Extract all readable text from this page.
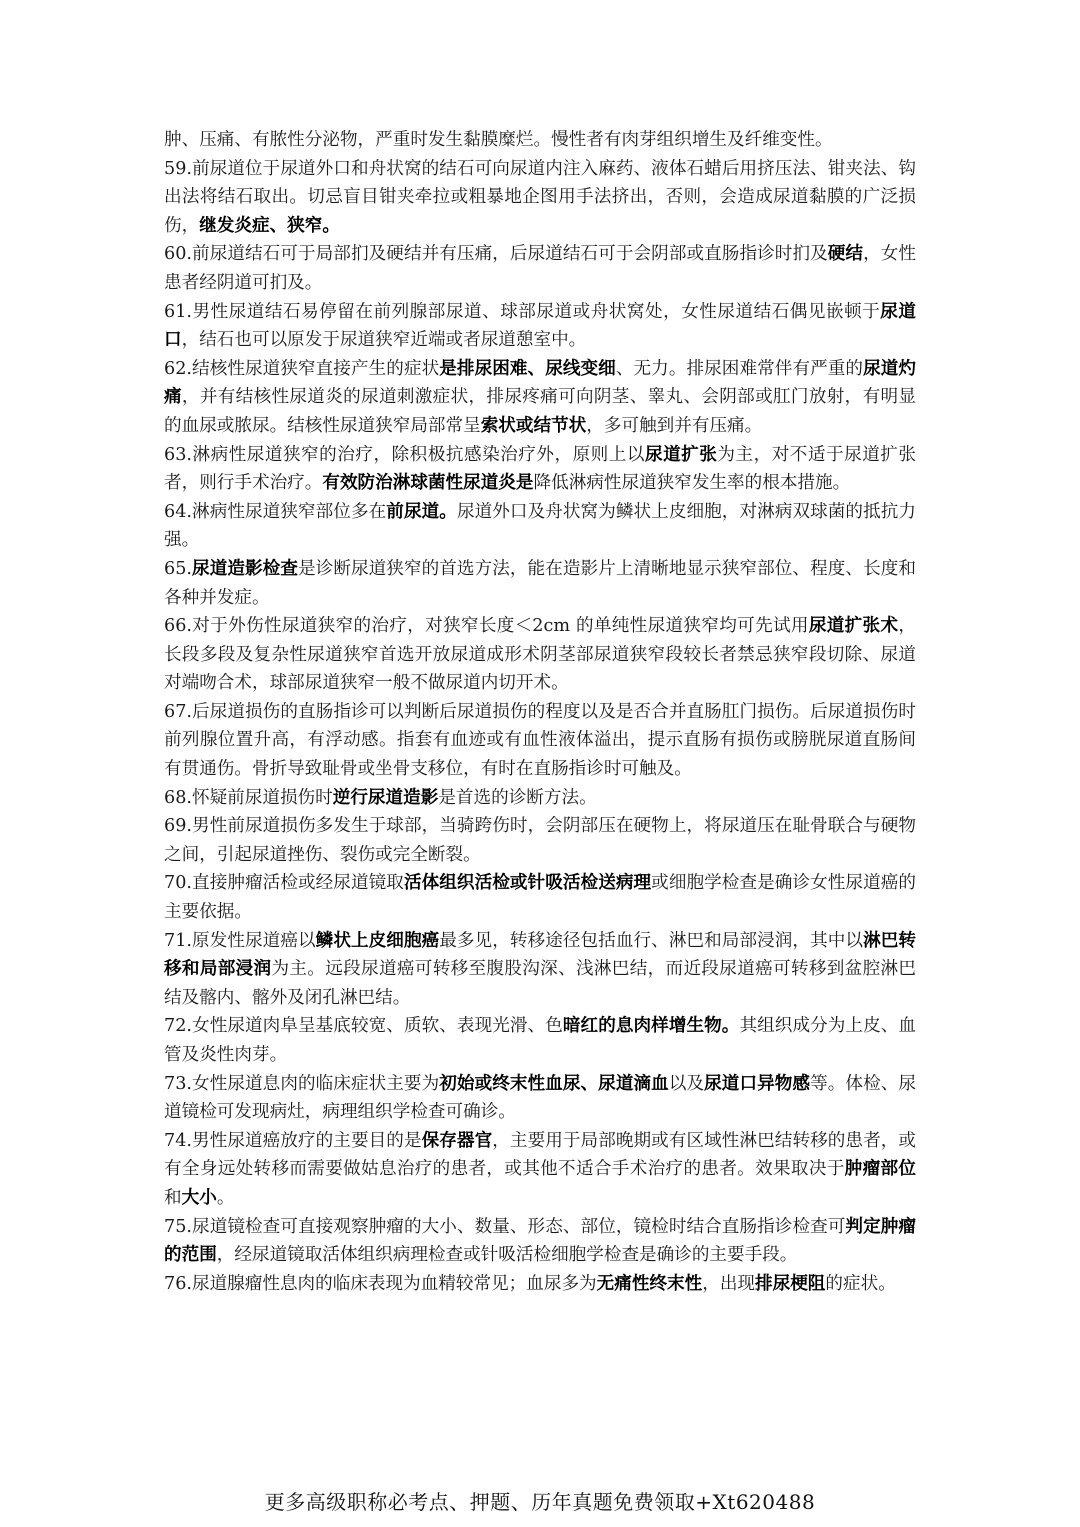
肿、压痛、有脓性分泌物，严重时发生黏膜糜烂。慢性者有肉芽组织增生及纤维变性。

59.前尿道位于尿道外口和舟状窝的结石可向尿道内注入麻药、液体石蜡后用挤压法、钳夹法、钩出法将结石取出。切忌盲目钳夹牵拉或粗暴地企图用手法挤出，否则，会造成尿道黏膜的广泛损伤，继发炎症、狭窄。

60.前尿道结石可于局部扪及硬结并有压痛，后尿道结石可于会阴部或直肠指诊时扪及硬结，女性患者经阴道可扪及。

61.男性尿道结石易停留在前列腺部尿道、球部尿道或舟状窝处，女性尿道结石偶见嵌顿于尿道口，结石也可以原发于尿道狭窄近端或者尿道憩室中。

62.结核性尿道狭窄直接产生的症状是排尿困难、尿线变细、无力。排尿困难常伴有严重的尿道灼痛，并有结核性尿道炎的尿道刺激症状，排尿疼痛可向阴茎、睾丸、会阴部或肛门放射，有明显的血尿或脓尿。结核性尿道狭窄局部常呈索状或结节状，多可触到并有压痛。

63.淋病性尿道狭窄的治疗，除积极抗感染治疗外，原则上以尿道扩张为主，对不适于尿道扩张者，则行手术治疗。有效防治淋球菌性尿道炎是降低淋病性尿道狭窄发生率的根本措施。

64.淋病性尿道狭窄部位多在前尿道。尿道外口及舟状窝为鳞状上皮细胞，对淋病双球菌的抵抗力强。

65.尿道造影检查是诊断尿道狭窄的首选方法，能在造影片上清晰地显示狭窄部位、程度、长度和各种并发症。

66.对于外伤性尿道狭窄的治疗，对狭窄长度＜2cm 的单纯性尿道狭窄均可先试用尿道扩张术，长段多段及复杂性尿道狭窄首选开放尿道成形术阴茎部尿道狭窄段较长者禁忌狭窄段切除、尿道对端吻合术，球部尿道狭窄一般不做尿道内切开术。

67.后尿道损伤的直肠指诊可以判断后尿道损伤的程度以及是否合并直肠肛门损伤。后尿道损伤时前列腺位置升高，有浮动感。指套有血迹或有血性液体溢出，提示直肠有损伤或膀胱尿道直肠间有贯通伤。骨折导致耻骨或坐骨支移位，有时在直肠指诊时可触及。

68.怀疑前尿道损伤时逆行尿道造影是首选的诊断方法。

69.男性前尿道损伤多发生于球部，当骑跨伤时，会阴部压在硬物上，将尿道压在耻骨联合与硬物之间，引起尿道挫伤、裂伤或完全断裂。

70.直接肿瘤活检或经尿道镜取活体组织活检或针吸活检送病理或细胞学检查是确诊女性尿道癌的主要依据。

71.原发性尿道癌以鳞状上皮细胞癌最多见，转移途径包括血行、淋巴和局部浸润，其中以淋巴转移和局部浸润为主。远段尿道癌可转移至腹股沟深、浅淋巴结，而近段尿道癌可转移到盆腔淋巴结及髂内、髂外及闭孔淋巴结。

72.女性尿道肉阜呈基底较宽、质软、表现光滑、色暗红的息肉样增生物。其组织成分为上皮、血管及炎性肉芽。

73.女性尿道息肉的临床症状主要为初始或终末性血尿、尿道滴血以及尿道口异物感等。体检、尿道镜检可发现病灶，病理组织学检查可确诊。

74.男性尿道癌放疗的主要目的是保存器官，主要用于局部晚期或有区域性淋巴结转移的患者，或有全身远处转移而需要做姑息治疗的患者，或其他不适合手术治疗的患者。效果取决于肿瘤部位和大小。

75.尿道镜检查可直接观察肿瘤的大小、数量、形态、部位，镜检时结合直肠指诊检查可判定肿瘤的范围，经尿道镜取活体组织病理检查或针吸活检细胞学检查是确诊的主要手段。

76.尿道腺瘤性息肉的临床表现为血精较常见；血尿多为无痛性终末性，出现排尿梗阻的症状。

更多高级职称必考点、押题、历年真题免费领取+Xt620488
